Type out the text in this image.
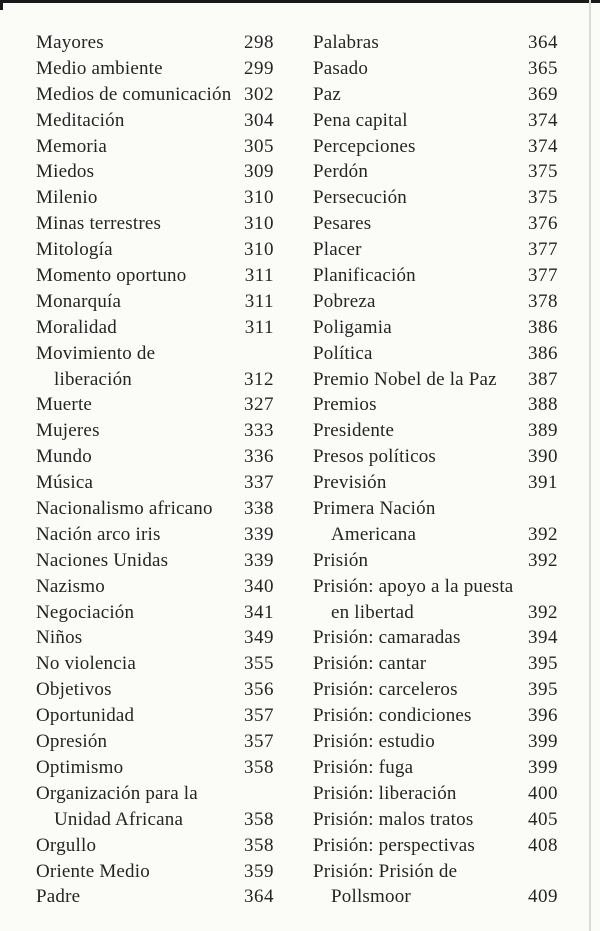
Mayores	298
Medio ambiente	299
Medios de comunicación 302
Meditación	304
Memoria	305
Miedos	309
Milenio	310
Minas terrestres	310
Mitología	310
Momento oportuno	311
Monarquía	311
Moralidad	311
Movimiento de
liberación	312
Muerte	327
Mujeres	333
Mundo	336
Música	337
Nacionalismo africano	338
Nación arco iris	339
Naciones Unidas	339
Nazismo	340
Negociación	341
Niños	349
No violencia	355
Objetivos	356
Oportunidad	357
Opresión	357
Optimismo	358
Organización para la
Unidad Africana	358
Orgullo	358
Oriente Medio	359
Padre	364
Palabras	364
Pasado	365
Paz	369
Pena capital	374
Percepciones	374
Perdón	375
Persecución	375
Pesares	376
Placer	377
Planificación	377
Pobreza	378
Poligamia	386
Política	386
Premio Nobel de la Paz	387
Premios	388
Presidente	389
Presos políticos	390
Previsión	391
Primera Nación
Americana	392
Prisión	392
Prisión: apoyo a la puesta
en libertad	392
Prisión: camaradas	394
Prisión: cantar	395
Prisión: carceleros	395
Prisión: condiciones	396
Prisión: estudio	399
Prisión: fuga	399
Prisión: liberación	400
Prisión: malos tratos	405
Prisión: perspectivas	408
Prisión: Prisión de
Pollsmoor	409
